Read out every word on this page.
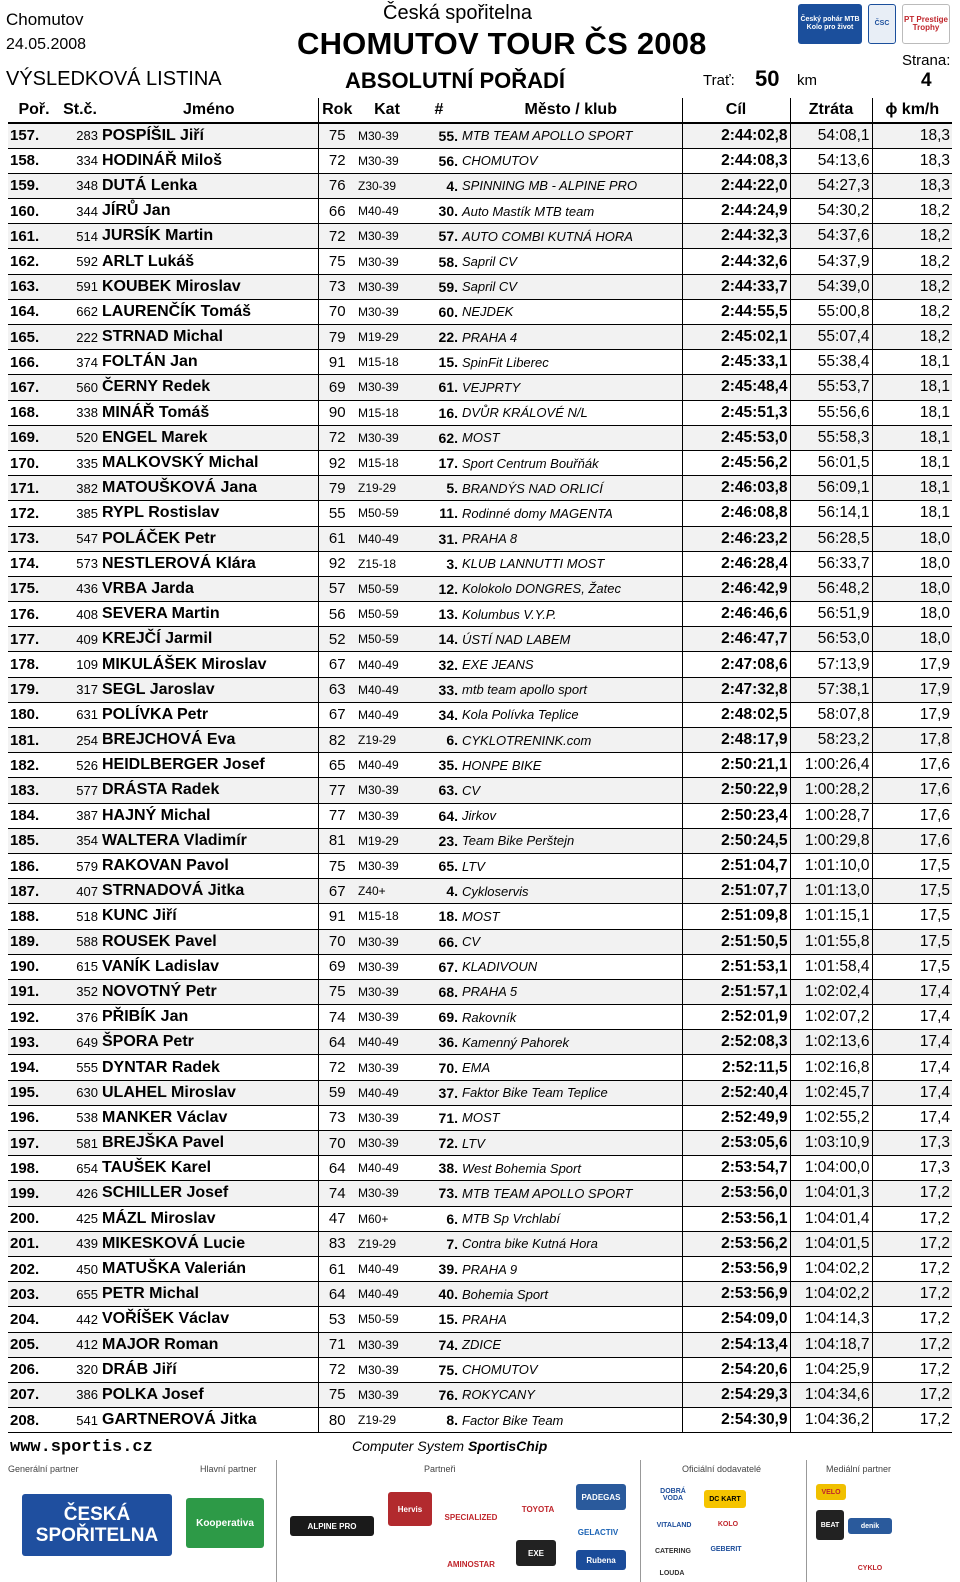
Chomutov
24.05.2008
VÝSLEDKOVÁ LISTINA
Česká spořitelna
CHOMUTOV TOUR ČS 2008
ABSOLUTNÍ POŘADÍ	Trať: 50 km
Strana:
4
Český pohár MTB Kolo pro život
ČSC	PT Prestige Trophy
Poř.	St.č.	Jméno	Rok	Kat	#	Město / klub	Cíl	Ztráta	ϕ km/h
157.	283	POSPÍŠIL Jiří	75	M30-39	55.	MTB TEAM APOLLO SPORT	2:44:02,8	54:08,1	18,3
158.	334	HODINÁŘ Miloš	72	M30-39	56.	CHOMUTOV	2:44:08,3	54:13,6	18,3
159.	348	DUTÁ Lenka	76	Z30-39	4.	SPINNING MB - ALPINE PRO	2:44:22,0	54:27,3	18,3
160.	344	JÍRŮ Jan	66	M40-49	30.	Auto Mastík MTB team	2:44:24,9	54:30,2	18,2
161.	514	JURSÍK Martin	72	M30-39	57.	AUTO COMBI KUTNÁ HORA	2:44:32,3	54:37,6	18,2
162.	592	ARLT Lukáš	75	M30-39	58.	Sapril CV	2:44:32,6	54:37,9	18,2
163.	591	KOUBEK Miroslav	73	M30-39	59.	Sapril CV	2:44:33,7	54:39,0	18,2
164.	662	LAURENČÍK Tomáš	70	M30-39	60.	NEJDEK	2:44:55,5	55:00,8	18,2
165.	222	STRNAD Michal	79	M19-29	22.	PRAHA 4	2:45:02,1	55:07,4	18,2
166.	374	FOLTÁN Jan	91	M15-18	15.	SpinFit Liberec	2:45:33,1	55:38,4	18,1
167.	560	ČERNY Redek	69	M30-39	61.	VEJPRTY	2:45:48,4	55:53,7	18,1
168.	338	MINÁŘ Tomáš	90	M15-18	16.	DVŮR KRÁLOVÉ N/L	2:45:51,3	55:56,6	18,1
169.	520	ENGEL Marek	72	M30-39	62.	MOST	2:45:53,0	55:58,3	18,1
170.	335	MALKOVSKÝ Michal	92	M15-18	17.	Sport Centrum Bouřňák	2:45:56,2	56:01,5	18,1
171.	382	MATOUŠKOVÁ Jana	79	Z19-29	5.	BRANDÝS NAD ORLICÍ	2:46:03,8	56:09,1	18,1
172.	385	RYPL Rostislav	55	M50-59	11.	Rodinné domy MAGENTA	2:46:08,8	56:14,1	18,1
173.	547	POLÁČEK Petr	61	M40-49	31.	PRAHA 8	2:46:23,2	56:28,5	18,0
174.	573	NESTLEROVÁ Klára	92	Z15-18	3.	KLUB LANNUTTI MOST	2:46:28,4	56:33,7	18,0
175.	436	VRBA Jarda	57	M50-59	12.	Kolokolo DONGRES, Žatec	2:46:42,9	56:48,2	18,0
176.	408	SEVERA Martin	56	M50-59	13.	Kolumbus V.Y.P.	2:46:46,6	56:51,9	18,0
177.	409	KREJČÍ Jarmil	52	M50-59	14.	ÚSTÍ NAD LABEM	2:46:47,7	56:53,0	18,0
178.	109	MIKULÁŠEK Miroslav	67	M40-49	32.	EXE JEANS	2:47:08,6	57:13,9	17,9
179.	317	SEGL Jaroslav	63	M40-49	33.	mtb team apollo sport	2:47:32,8	57:38,1	17,9
180.	631	POLÍVKA Petr	67	M40-49	34.	Kola Polívka Teplice	2:48:02,5	58:07,8	17,9
181.	254	BREJCHOVÁ Eva	82	Z19-29	6.	CYKLOTRENINK.com	2:48:17,9	58:23,2	17,8
182.	526	HEIDLBERGER Josef	65	M40-49	35.	HONPE BIKE	2:50:21,1	1:00:26,4	17,6
183.	577	DRÁSTA Radek	77	M30-39	63.	CV	2:50:22,9	1:00:28,2	17,6
184.	387	HAJNÝ Michal	77	M30-39	64.	Jirkov	2:50:23,4	1:00:28,7	17,6
185.	354	WALTERA Vladimír	81	M19-29	23.	Team Bike Perštejn	2:50:24,5	1:00:29,8	17,6
186.	579	RAKOVAN Pavol	75	M30-39	65.	LTV	2:51:04,7	1:01:10,0	17,5
187.	407	STRNADOVÁ Jitka	67	Z40+	4.	Cykloservis	2:51:07,7	1:01:13,0	17,5
188.	518	KUNC Jiří	91	M15-18	18.	MOST	2:51:09,8	1:01:15,1	17,5
189.	588	ROUSEK Pavel	70	M30-39	66.	CV	2:51:50,5	1:01:55,8	17,5
190.	615	VANÍK Ladislav	69	M30-39	67.	KLADIVOUN	2:51:53,1	1:01:58,4	17,5
191.	352	NOVOTNÝ Petr	75	M30-39	68.	PRAHA 5	2:51:57,1	1:02:02,4	17,4
192.	376	PŘIBÍK Jan	74	M30-39	69.	Rakovník	2:52:01,9	1:02:07,2	17,4
193.	649	ŠPORA Petr	64	M40-49	36.	Kamenný Pahorek	2:52:08,3	1:02:13,6	17,4
194.	555	DYNTAR Radek	72	M30-39	70.	EMA	2:52:11,5	1:02:16,8	17,4
195.	630	ULAHEL Miroslav	59	M40-49	37.	Faktor Bike Team Teplice	2:52:40,4	1:02:45,7	17,4
196.	538	MANKER Václav	73	M30-39	71.	MOST	2:52:49,9	1:02:55,2	17,4
197.	581	BREJŠKA Pavel	70	M30-39	72.	LTV	2:53:05,6	1:03:10,9	17,3
198.	654	TAUŠEK Karel	64	M40-49	38.	West Bohemia Sport	2:53:54,7	1:04:00,0	17,3
199.	426	SCHILLER Josef	74	M30-39	73.	MTB TEAM APOLLO SPORT	2:53:56,0	1:04:01,3	17,2
200.	425	MÁZL Miroslav	47	M60+	6.	MTB Sp Vrchlabí	2:53:56,1	1:04:01,4	17,2
201.	439	MIKESKOVÁ Lucie	83	Z19-29	7.	Contra bike Kutná Hora	2:53:56,2	1:04:01,5	17,2
202.	450	MATUŠKA Valerián	61	M40-49	39.	PRAHA 9	2:53:56,9	1:04:02,2	17,2
203.	655	PETR Michal	64	M40-49	40.	Bohemia Sport	2:53:56,9	1:04:02,2	17,2
204.	442	VOŘÍŠEK Václav	53	M50-59	15.	PRAHA	2:54:09,0	1:04:14,3	17,2
205.	412	MAJOR Roman	71	M30-39	74.	ZDICE	2:54:13,4	1:04:18,7	17,2
206.	320	DRÁB Jiří	72	M30-39	75.	CHOMUTOV	2:54:20,6	1:04:25,9	17,2
207.	386	POLKA Josef	75	M30-39	76.	ROKYCANY	2:54:29,3	1:04:34,6	17,2
208.	541	GARTNEROVÁ Jitka	80	Z19-29	8.	Factor Bike Team	2:54:30,9	1:04:36,2	17,2
www.sportis.cz	Computer System SportisChip
Generální partner
ČESKÁ SPOŘITELNA
Hlavní partner
Kooperativa
Partneři
ALPINE PRO
Hervis
SPECIALIZED
TOYOTA
PADEGAS
GELACTIV
EXE
Rubena
AMINOSTAR
Oficiální dodavatelé
DOBRÁ VODA	DC KART
KOLO
VITALAND
CATERING	GEBERIT
LOUDA
Mediální partner
VELO
BEAT	denik
CYKLO
